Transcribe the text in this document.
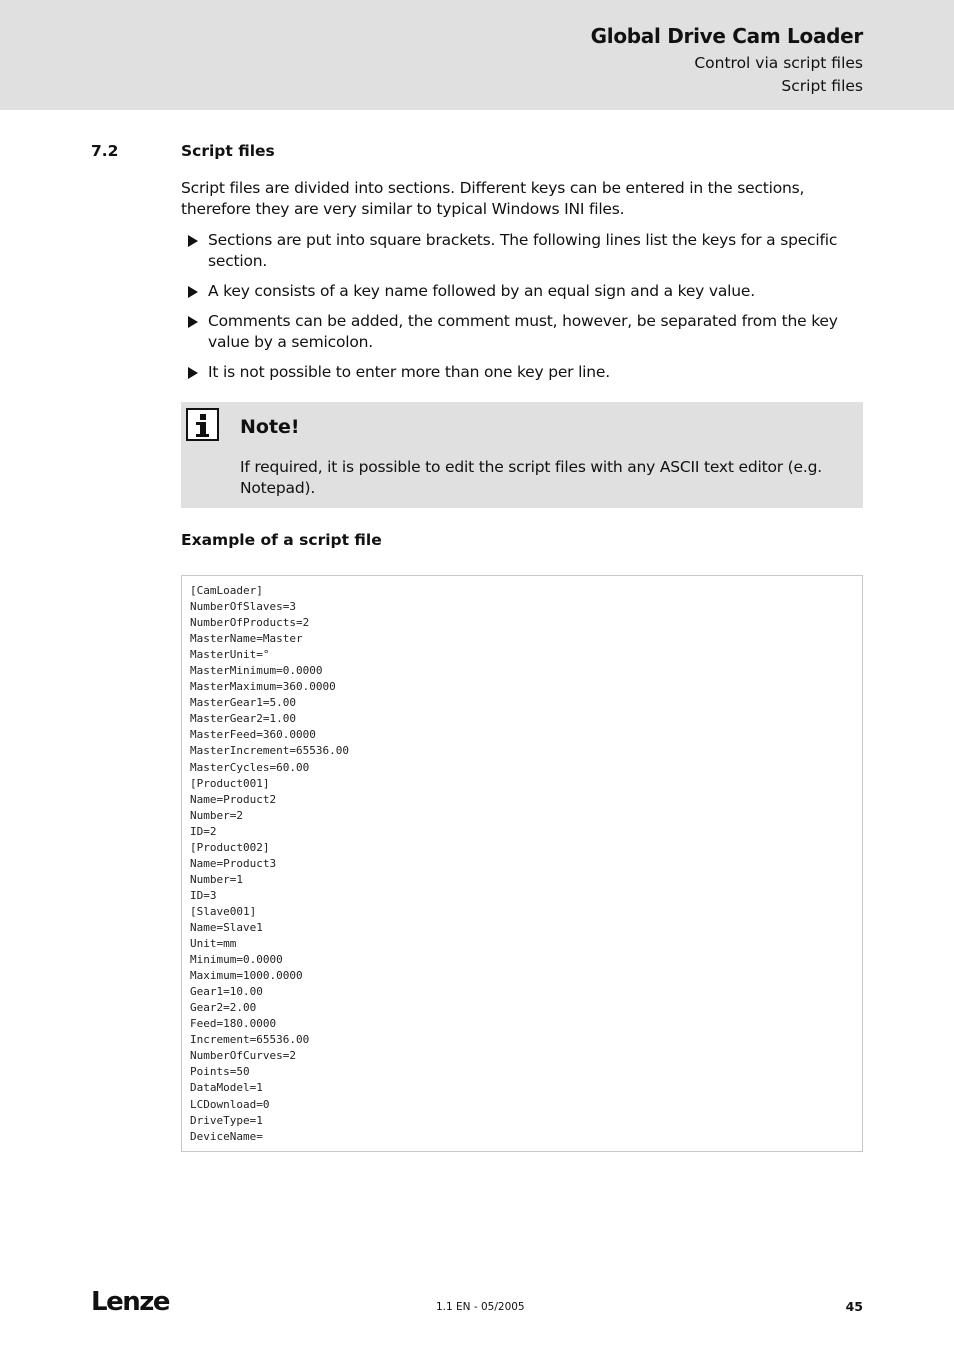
Global Drive Cam Loader
Control via script files
Script files
7.2	Script files
Script files are divided into sections. Different keys can be entered in the sections, therefore they are very similar to typical Windows INI files.
Sections are put into square brackets. The following lines list the keys for a specific section.
A key consists of a key name followed by an equal sign and a key value.
Comments can be added, the comment must, however, be separated from the key value by a semicolon.
It is not possible to enter more than one key per line.
Note!
If required, it is possible to edit the script files with any ASCII text editor (e.g. Notepad).
Example of a script file
[CamLoader]
NumberOfSlaves=3
NumberOfProducts=2
MasterName=Master
MasterUnit=°
MasterMinimum=0.0000
MasterMaximum=360.0000
MasterGear1=5.00
MasterGear2=1.00
MasterFeed=360.0000
MasterIncrement=65536.00
MasterCycles=60.00
[Product001]
Name=Product2
Number=2
ID=2
[Product002]
Name=Product3
Number=1
ID=3
[Slave001]
Name=Slave1
Unit=mm
Minimum=0.0000
Maximum=1000.0000
Gear1=10.00
Gear2=2.00
Feed=180.0000
Increment=65536.00
NumberOfCurves=2
Points=50
DataModel=1
LCDownload=0
DriveType=1
DeviceName=
Lenze	1.1 EN - 05/2005	45
